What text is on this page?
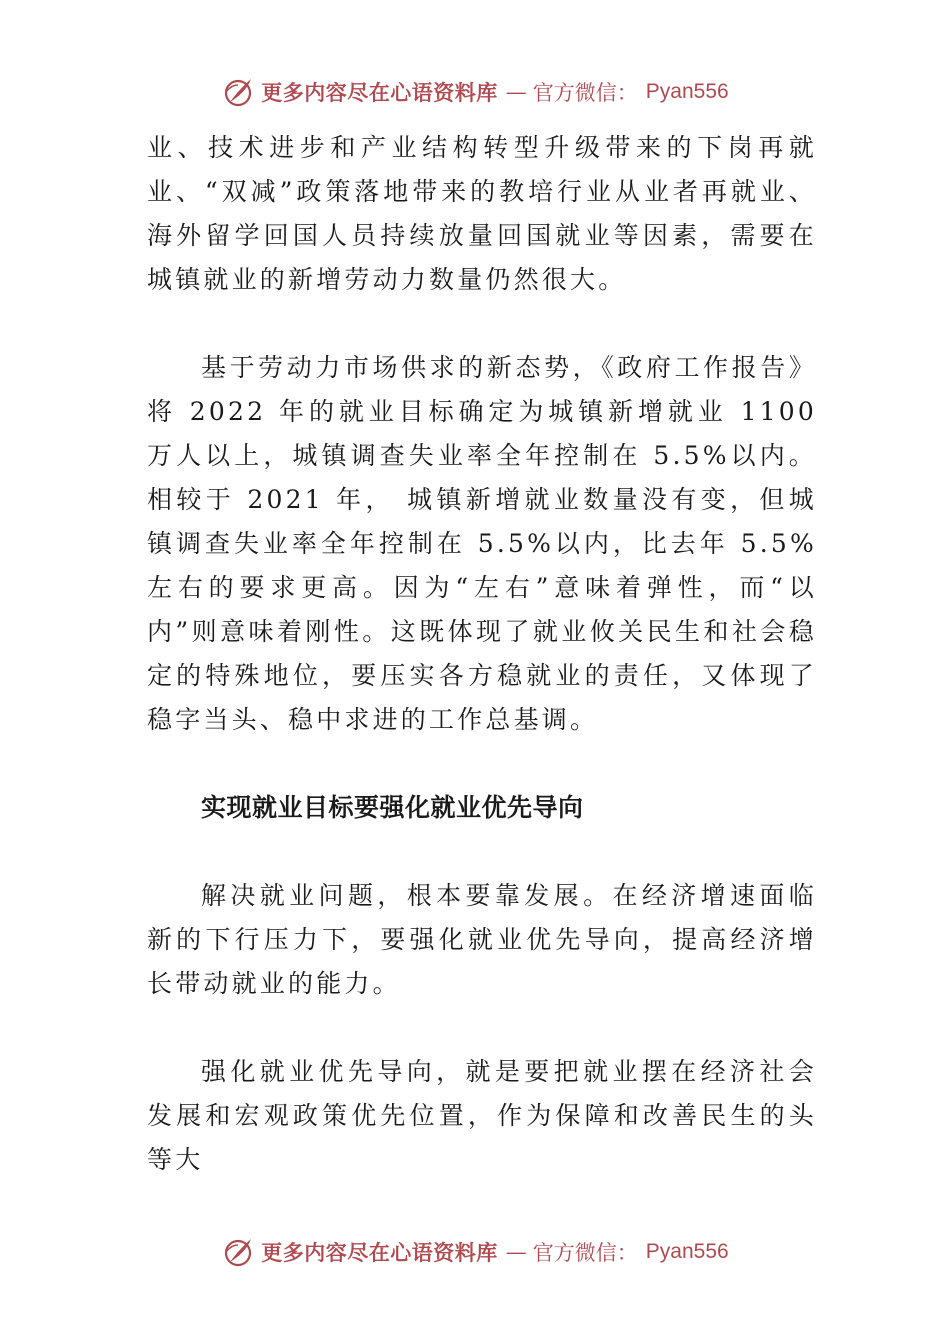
更多内容尽在心语资料库 — 官方微信： Pyan556

业、技术进步和产业结构转型升级带来的下岗再就业、“双减”政策落地带来的教培行业从业者再就业、海外留学回国人员持续放量回国就业等因素，需要在城镇就业的新增劳动力数量仍然很大。

基于劳动力市场供求的新态势，《政府工作报告》将 2022 年的就业目标确定为城镇新增就业 1100 万人以上，城镇调查失业率全年控制在 5.5%以内。相较于 2021 年， 城镇新增就业数量没有变，但城镇调查失业率全年控制在 5.5%以内，比去年 5.5%左右的要求更高。因为“左右”意味着弹性，而“以内”则意味着刚性。这既体现了就业攸关民生和社会稳定的特殊地位，要压实各方稳就业的责任，又体现了稳字当头、稳中求进的工作总基调。

实现就业目标要强化就业优先导向

解决就业问题，根本要靠发展。在经济增速面临新的下行压力下，要强化就业优先导向，提高经济增长带动就业的能力。

强化就业优先导向，就是要把就业摆在经济社会发展和宏观政策优先位置，作为保障和改善民生的头等大

更多内容尽在心语资料库 — 官方微信： Pyan556
